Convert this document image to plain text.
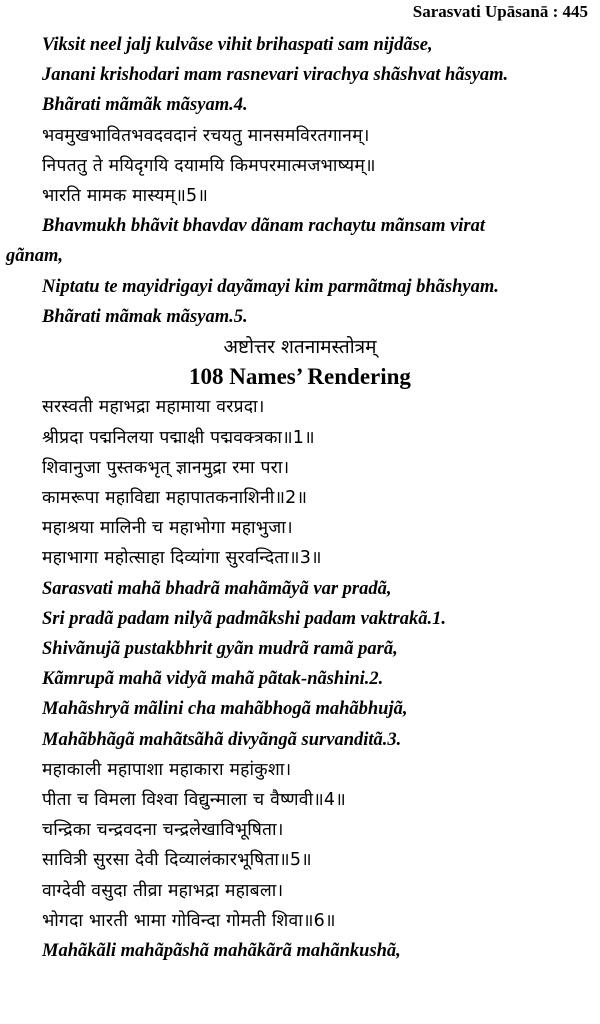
Sarasvati Upāsanā : 445
Viksit neel jalj kulvãse vihit brihaspati sam nijdãse,
Janani krishodari mam rasnevari virachya shãshvat hãsyam.
Bhãrati mãmãk mãsyam.4.
भवमुखभावितभवदवदानं रचयतु मानसमविरतगानम्।
निपततु ते मयिदृगयि दयामयि किमपरमात्मजभाष्यम्॥
भारति मामक मास्यम्॥5॥
Bhavmukh bhãvit bhavdav dãnam rachaytu mãnsam virat
gãnam,
Niptatu te mayidrigayi dayãmayi kim parmãtmaj bhãshyam.
Bhãrati mãmak mãsyam.5.
अष्टोत्तर शतनामस्तोत्रम्
108 Names’ Rendering
सरस्वती महाभद्रा महामाया वरप्रदा।
श्रीप्रदा पद्मनिलया पद्माक्षी पद्मवक्त्रका॥1॥
शिवानुजा पुस्तकभृत् ज्ञानमुद्रा रमा परा।
कामरूपा महाविद्या महापातकनाशिनी॥2॥
महाश्रया मालिनी च महाभोगा महाभुजा।
महाभागा महोत्साहा दिव्यांगा सुरवन्दिता॥3॥
Sarasvati mahã bhadrã mahãmãyã var pradã,
Sri pradã padam nilyã padmãkshi padam vaktrakã.1.
Shivãnujã pustakbhrit gyãn mudrã ramã parã,
Kãmrupã mahã vidyã mahã pãtak-nãshini.2.
Mahãshryã mãlini cha mahãbhogã mahãbhujã,
Mahãbhãgã mahãtsãhã divyãngã survanditã.3.
महाकाली महापाशा महाकारा महांकुशा।
पीता च विमला विश्वा विद्युन्माला च वैष्णवी॥4॥
चन्द्रिका चन्द्रवदना चन्द्रलेखाविभूषिता।
सावित्री सुरसा देवी दिव्यालंकारभूषिता॥5॥
वाग्देवी वसुदा तीव्रा महाभद्रा महाबला।
भोगदा भारती भामा गोविन्दा गोमती शिवा॥6॥
Mahãkãli mahãpãshã mahãkãrã mahãnkushã,
